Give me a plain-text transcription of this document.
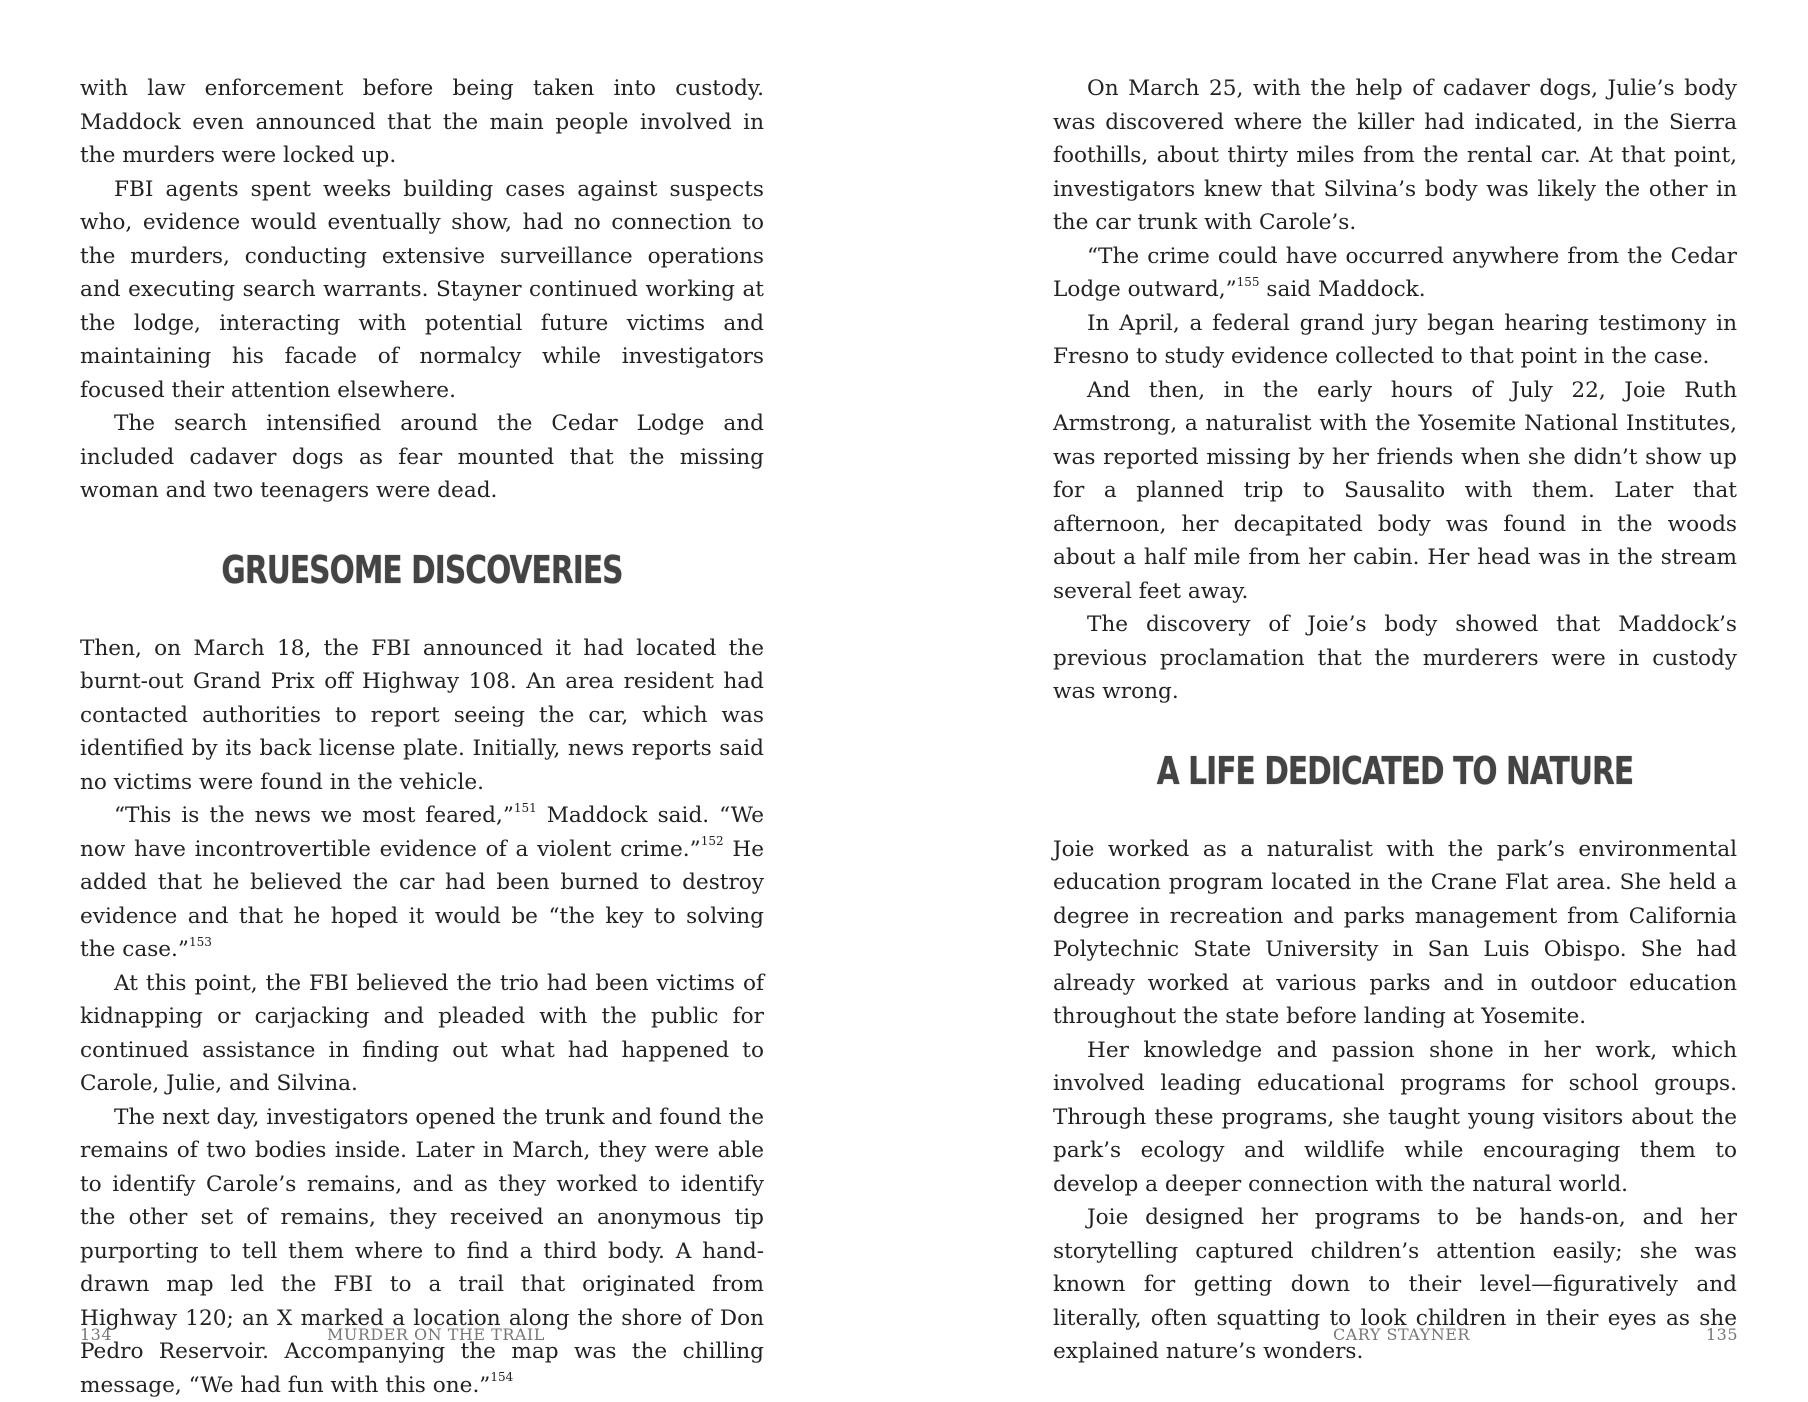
with law enforcement before being taken into custody. Maddock even announced that the main people involved in the murders were locked up.

FBI agents spent weeks building cases against suspects who, evidence would eventually show, had no connection to the murders, conducting extensive surveillance operations and executing search warrants. Stayner continued working at the lodge, interacting with potential future victims and maintaining his facade of normalcy while investigators focused their attention elsewhere.

The search intensified around the Cedar Lodge and included cadaver dogs as fear mounted that the missing woman and two teenagers were dead.

GRUESOME DISCOVERIES

Then, on March 18, the FBI announced it had located the burnt-out Grand Prix off Highway 108. An area resident had contacted authorities to report seeing the car, which was identified by its back license plate. Initially, news reports said no victims were found in the vehicle.

“This is the news we most feared,”$^{151}$ Maddock said. “We now have incontrovertible evidence of a violent crime.”$^{152}$ He added that he believed the car had been burned to destroy evidence and that he hoped it would be “the key to solving the case.”$^{153}$

At this point, the FBI believed the trio had been victims of kidnapping or carjacking and pleaded with the public for continued assistance in finding out what had happened to Carole, Julie, and Silvina.

The next day, investigators opened the trunk and found the remains of two bodies inside. Later in March, they were able to identify Carole’s remains, and as they worked to identify the other set of remains, they received an anonymous tip purporting to tell them where to find a third body. A hand-drawn map led the FBI to a trail that originated from Highway 120; an X marked a location along the shore of Don Pedro Reservoir. Accompanying the map was the chilling message, “We had fun with this one.”$^{154}$

134	MURDER ON THE TRAIL

On March 25, with the help of cadaver dogs, Julie’s body was discovered where the killer had indicated, in the Sierra foothills, about thirty miles from the rental car. At that point, investigators knew that Silvina’s body was likely the other in the car trunk with Carole’s.

“The crime could have occurred anywhere from the Cedar Lodge outward,”$^{155}$ said Maddock.

In April, a federal grand jury began hearing testimony in Fresno to study evidence collected to that point in the case.

And then, in the early hours of July 22, Joie Ruth Armstrong, a naturalist with the Yosemite National Institutes, was reported missing by her friends when she didn’t show up for a planned trip to Sausalito with them. Later that afternoon, her decapitated body was found in the woods about a half mile from her cabin. Her head was in the stream several feet away.

The discovery of Joie’s body showed that Maddock’s previous proclamation that the murderers were in custody was wrong.

A LIFE DEDICATED TO NATURE

Joie worked as a naturalist with the park’s environmental education program located in the Crane Flat area. She held a degree in recreation and parks management from California Polytechnic State University in San Luis Obispo. She had already worked at various parks and in outdoor education throughout the state before landing at Yosemite.

Her knowledge and passion shone in her work, which involved leading educational programs for school groups. Through these programs, she taught young visitors about the park’s ecology and wildlife while encouraging them to develop a deeper connection with the natural world.

Joie designed her programs to be hands-on, and her storytelling captured children’s attention easily; she was known for getting down to their level—figuratively and literally, often squatting to look children in their eyes as she explained nature’s wonders.

CARY STAYNER	135
